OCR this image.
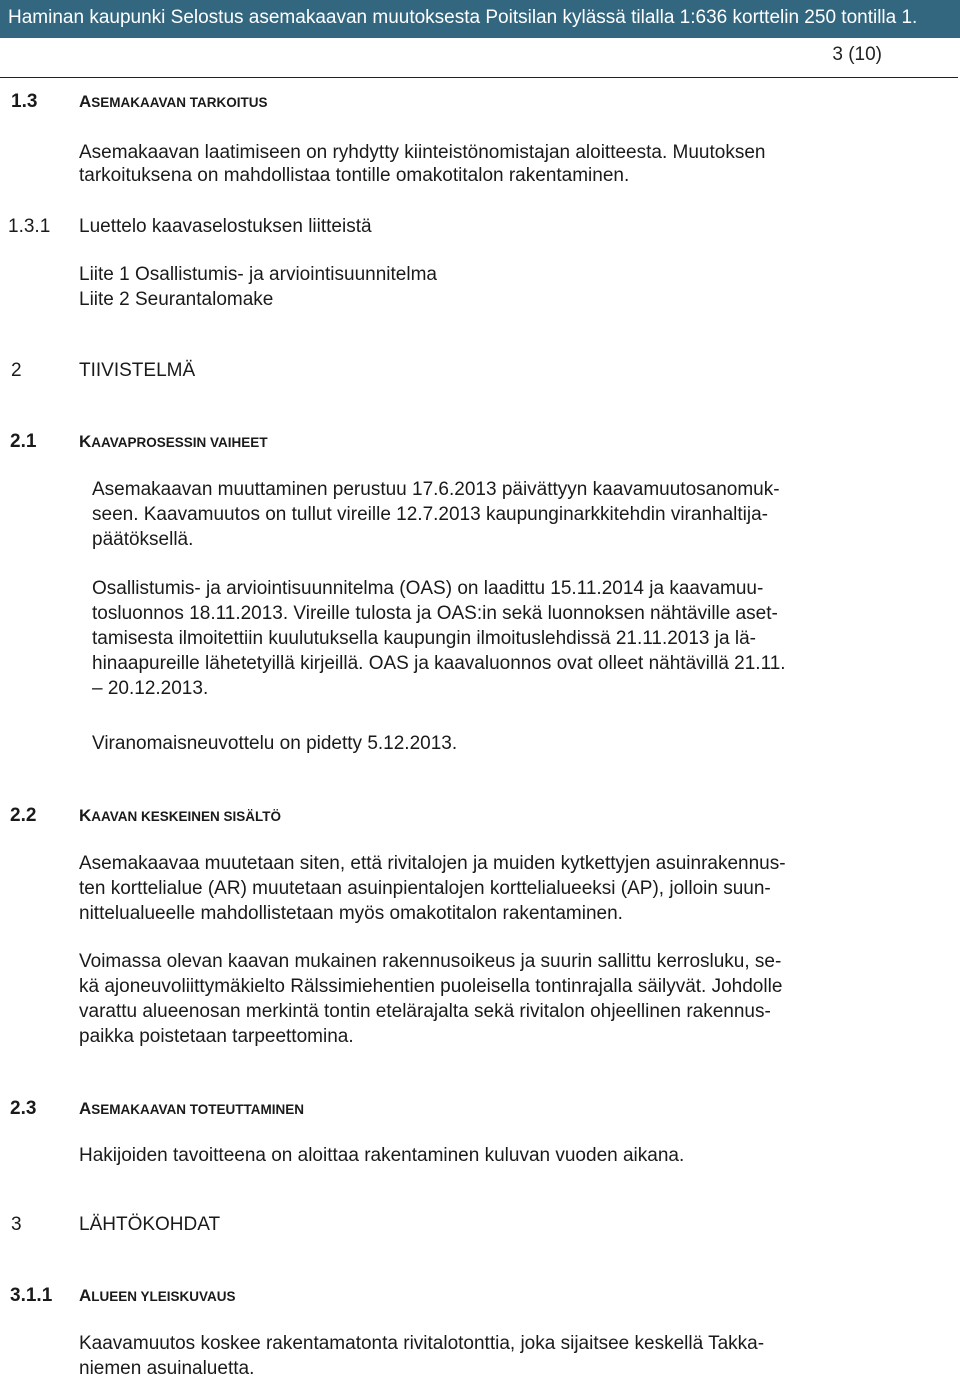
Haminan kaupunki Selostus asemakaavan muutoksesta Poitsilan kylässä tilalla 1:636 korttelin 250 tontilla 1.
3 (10)
1.3 ASEMAKAAVAN TARKOITUS
Asemakaavan laatimiseen on ryhdytty kiinteistönomistajan aloitteesta. Muutoksen
tarkoituksena on mahdollistaa tontille omakotitalon rakentaminen.
1.3.1 Luettelo kaavaselostuksen liitteistä
Liite 1 Osallistumis- ja arviointisuunnitelma
Liite 2 Seurantalomake
2	TIIVISTELMÄ
2.1	KAAVAPROSESSIN VAIHEET
Asemakaavan muuttaminen perustuu 17.6.2013 päivättyyn kaavamuutosanomuk-
seen. Kaavamuutos on tullut vireille 12.7.2013 kaupunginarkkitehdin viranhaltija-
päätöksellä.
Osallistumis- ja arviointisuunnitelma (OAS) on laadittu 15.11.2014 ja kaavamuu-
tosluonnos 18.11.2013. Vireille tulosta ja OAS:in sekä luonnoksen nähtäville aset-
tamisesta ilmoitettiin kuulutuksella kaupungin ilmoituslehdissä 21.11.2013 ja lä-
hinaapureille lähetetyillä kirjeillä. OAS ja kaavaluonnos ovat olleet nähtävillä 21.11.
– 20.12.2013.
Viranomaisneuvottelu on pidetty 5.12.2013.
2.2	KAAVAN KESKEINEN SISÄLTÖ
Asemakaavaa muutetaan siten, että rivitalojen ja muiden kytkettyjen asuinrakennus-
ten korttelialue (AR) muutetaan asuinpientalojen korttelialueeksi (AP), jolloin suun-
nittelualueelle mahdollistetaan myös omakotitalon rakentaminen.
Voimassa olevan kaavan mukainen rakennusoikeus ja suurin sallittu kerrosluku, se-
kä ajoneuvoliittymäkielto Rälssimiehentien puoleisella tontinrajalla säilyvät. Johdolle
varattu alueenosan merkintä tontin etelärajalta sekä rivitalon ohjeellinen rakennus-
paikka poistetaan tarpeettomina.
2.3	ASEMAKAAVAN TOTEUTTAMINEN
Hakijoiden tavoitteena on aloittaa rakentaminen kuluvan vuoden aikana.
3	LÄHTÖKOHDAT
3.1.1 ALUEEN YLEISKUVAUS
Kaavamuutos koskee rakentamatonta rivitalotonttia, joka sijaitsee keskellä Takka-
niemen asuinaluetta.
